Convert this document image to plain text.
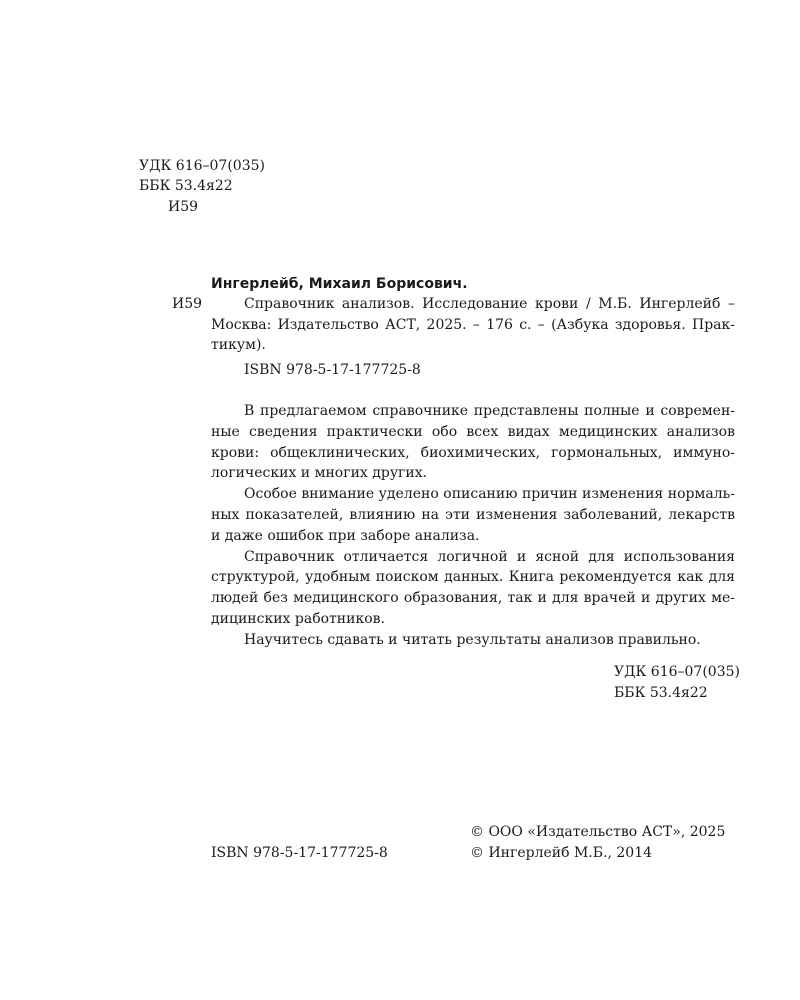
УДК 616–07(035)
ББК 53.4я22
И59
Ингерлейб, Михаил Борисович.
И59	Справочник анализов. Исследование крови / М.Б. Ингерлейб –
Москва: Издательство АСТ, 2025. – 176 с. – (Азбука здоровья. Прак-
тикум).
ISBN 978-5-17-177725-8
В предлагаемом справочнике представлены полные и современ-
ные сведения практически обо всех видах медицинских анализов
крови: общеклинических, биохимических, гормональных, иммуно-
логических и многих других.
Особое внимание уделено описанию причин изменения нормаль-
ных показателей, влиянию на эти изменения заболеваний, лекарств
и даже ошибок при заборе анализа.
Справочник отличается логичной и ясной для использования
структурой, удобным поиском данных. Книга рекомендуется как для
людей без медицинского образования, так и для врачей и других ме-
дицинских работников.
Научитесь сдавать и читать результаты анализов правильно.
УДК 616–07(035)
ББК 53.4я22
© ООО «Издательство АСТ», 2025
ISBN 978-5-17-177725-8	© Ингерлейб М.Б., 2014
